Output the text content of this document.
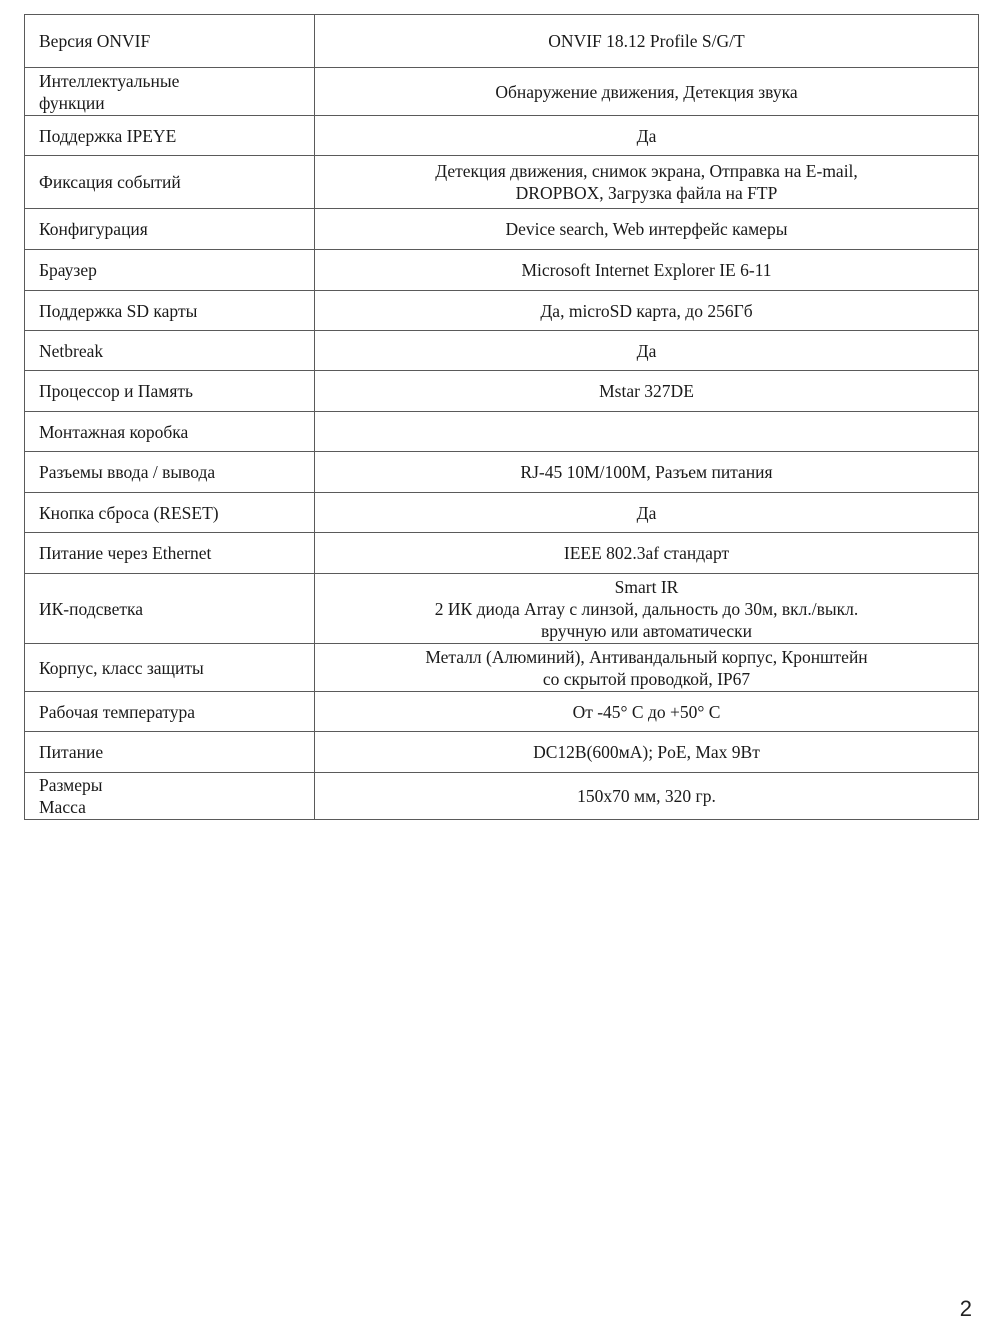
Версия ONVIF	ONVIF 18.12 Profile S/G/T

Интеллектуальные
функции	Обнаружение движения, Детекция звука

Поддержка IPEYE	Да

Фиксация событий	Детекция движения, снимок экрана, Отправка на E-mail,
DROPBOX, Загрузка файла на FTP

Конфигурация	Device search, Web интерфейс камеры

Браузер	Microsoft Internet Explorer IE 6-11

Поддержка SD карты	Да, microSD карта, до 256Гб

Netbreak	Да

Процессор и Память	Mstar 327DE

Монтажная коробка	

Разъемы ввода / вывода	RJ-45 10M/100M, Разъем питания

Кнопка сброса (RESET)	Да

Питание через Ethernet	IEEE 802.3af стандарт

ИК-подсветка	Smart IR
2 ИК диода Array с линзой, дальность до 30м, вкл./выкл.
вручную или автоматически

Корпус, класс защиты	Металл (Алюминий), Антивандальный корпус, Кронштейн
со скрытой проводкой, IP67

Рабочая температура	От -45° C до +50° C

Питание	DC12В(600мА); PoE, Max 9Вт

Размеры
Масса	150х70 мм, 320 гр.
2
